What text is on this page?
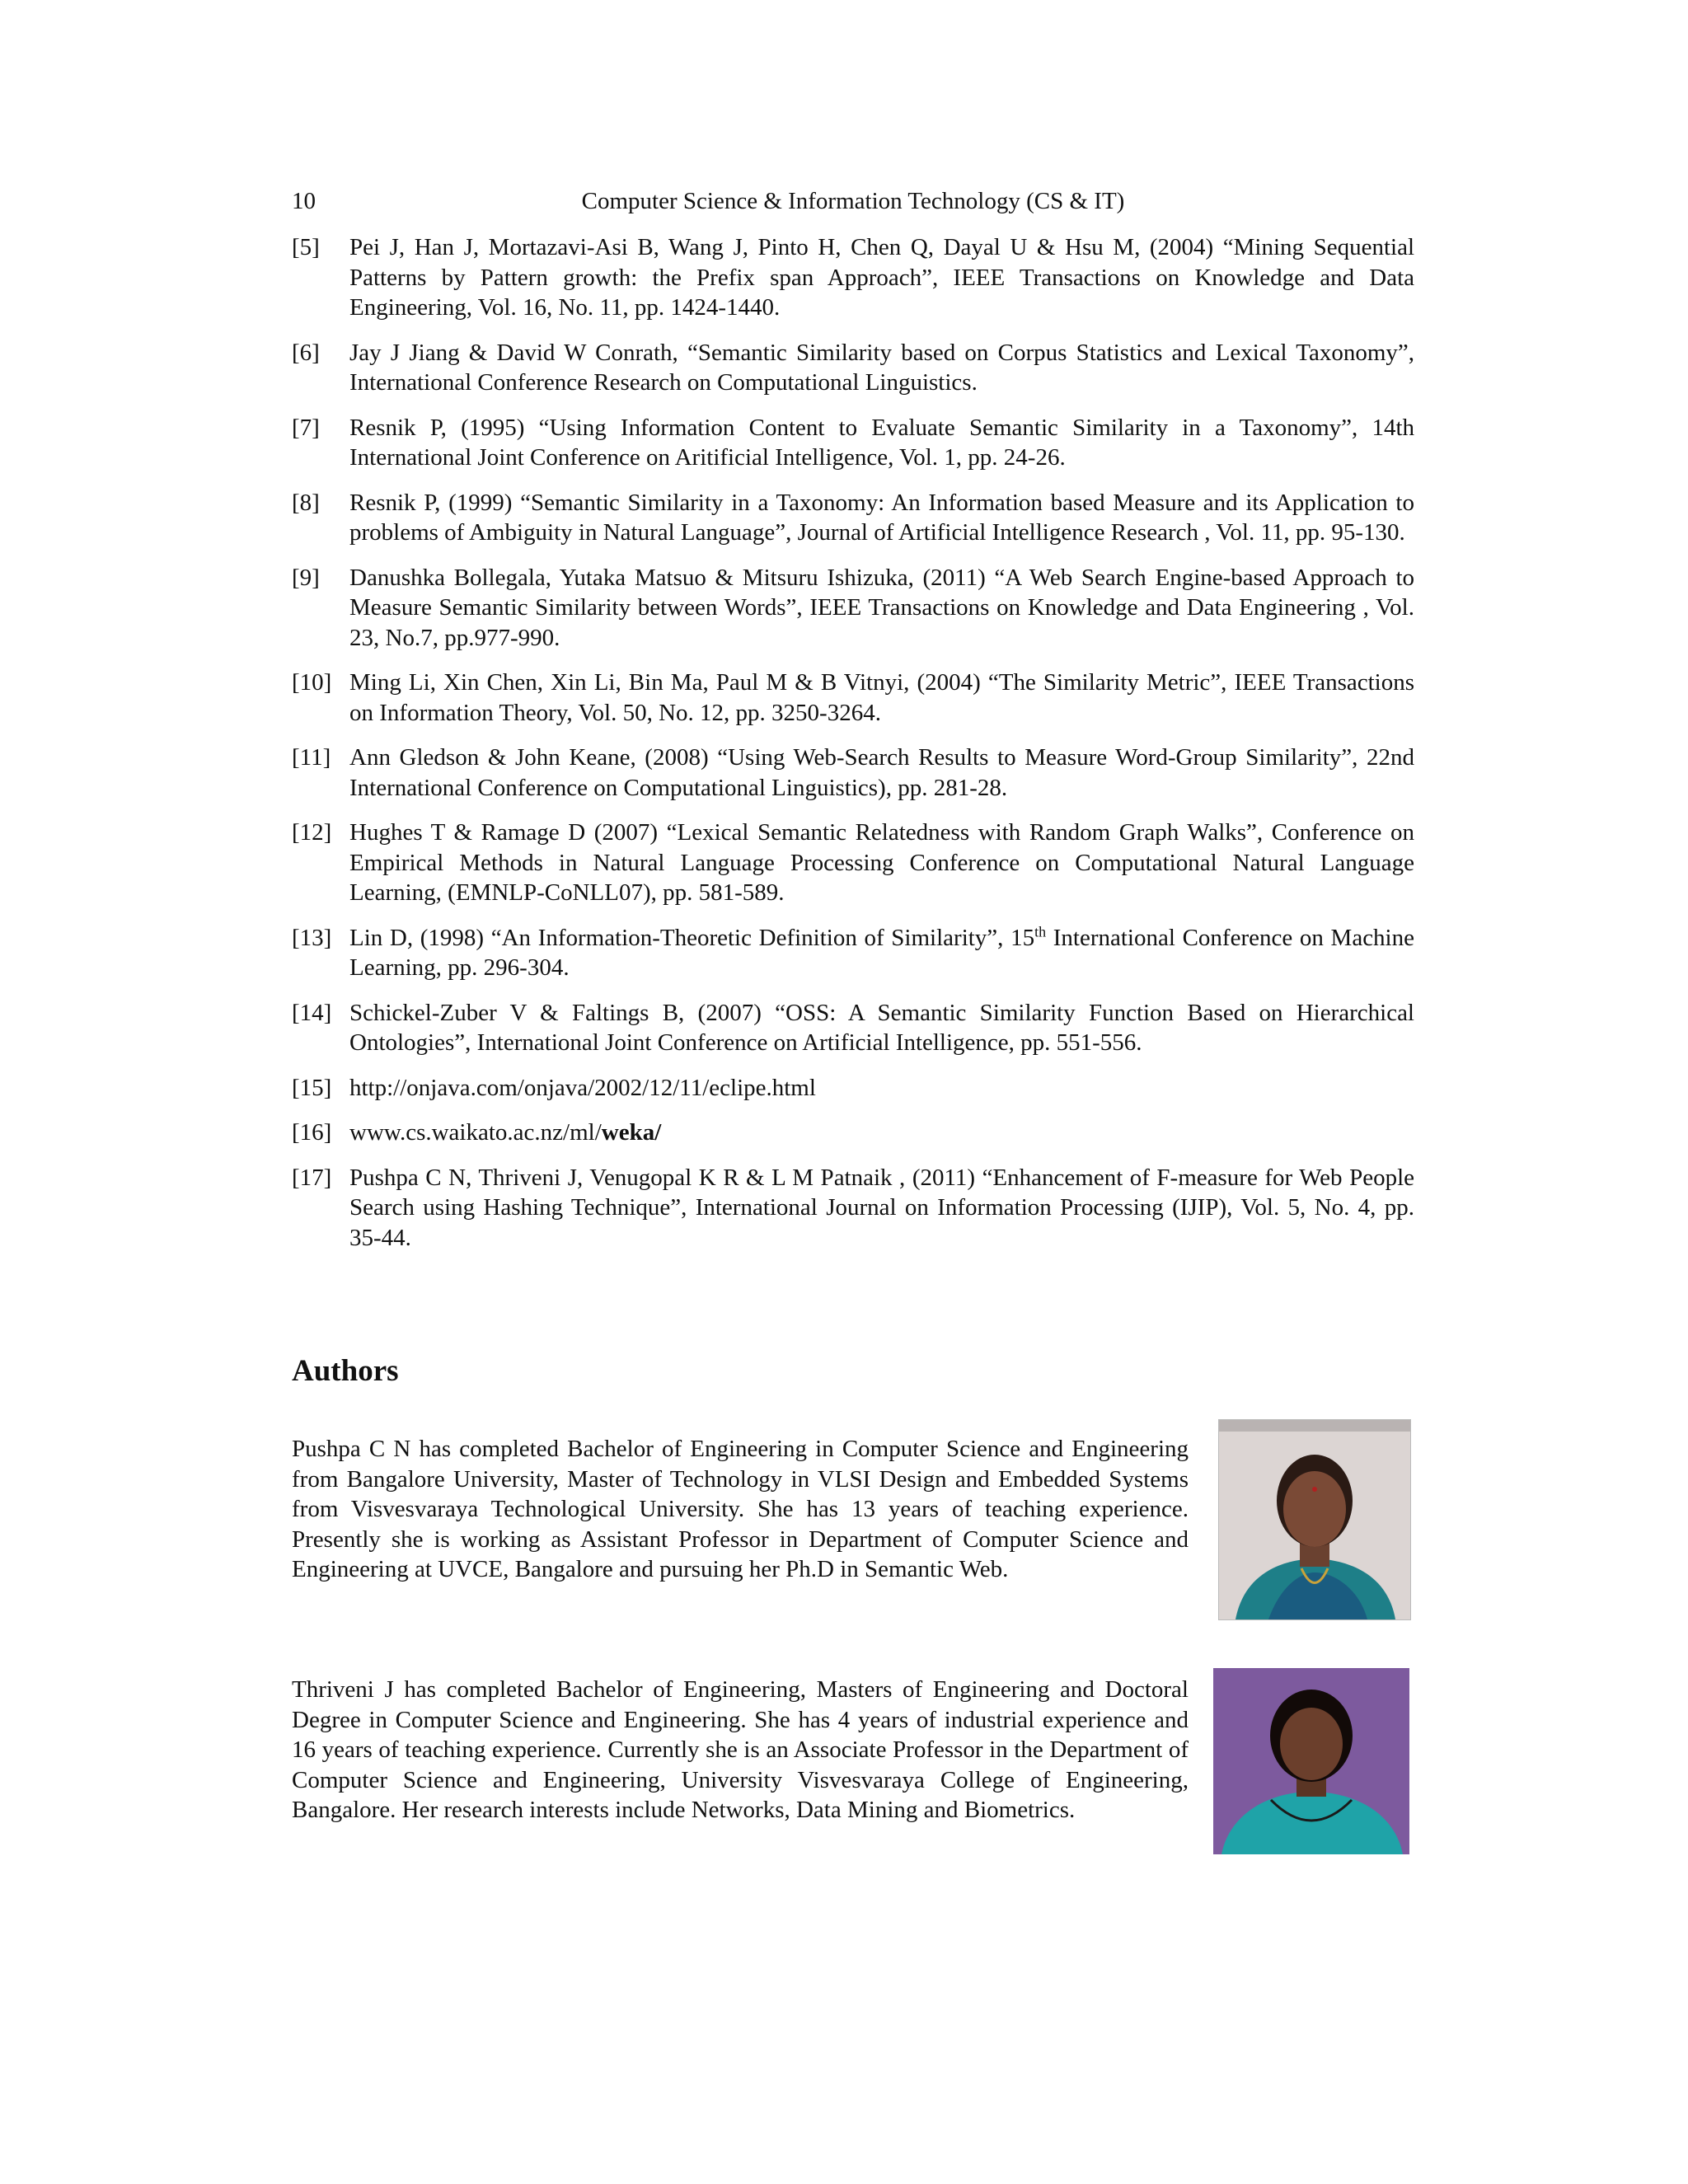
10	Computer Science & Information Technology (CS & IT)
[5] Pei J, Han J, Mortazavi-Asi B, Wang J, Pinto H, Chen Q, Dayal U & Hsu M, (2004) “Mining Sequential Patterns by Pattern growth: the Prefix span Approach”, IEEE Transactions on Knowledge and Data Engineering, Vol. 16, No. 11, pp. 1424-1440.
[6] Jay J Jiang & David W Conrath, “Semantic Similarity based on Corpus Statistics and Lexical Taxonomy”, International Conference Research on Computational Linguistics.
[7] Resnik P, (1995) “Using Information Content to Evaluate Semantic Similarity in a Taxonomy”, 14th International Joint Conference on Aritificial Intelligence, Vol. 1, pp. 24-26.
[8] Resnik P, (1999) “Semantic Similarity in a Taxonomy: An Information based Measure and its Application to problems of Ambiguity in Natural Language”, Journal of Artificial Intelligence Research , Vol. 11, pp. 95-130.
[9] Danushka Bollegala, Yutaka Matsuo & Mitsuru Ishizuka, (2011) “A Web Search Engine-based Approach to Measure Semantic Similarity between Words”, IEEE Transactions on Knowledge and Data Engineering , Vol. 23, No.7, pp.977-990.
[10] Ming Li, Xin Chen, Xin Li, Bin Ma, Paul M & B Vitnyi, (2004) “The Similarity Metric”, IEEE Transactions on Information Theory, Vol. 50, No. 12, pp. 3250-3264.
[11] Ann Gledson & John Keane, (2008) “Using Web-Search Results to Measure Word-Group Similarity”, 22nd International Conference on Computational Linguistics), pp. 281-28.
[12] Hughes T & Ramage D (2007) “Lexical Semantic Relatedness with Random Graph Walks”, Conference on Empirical Methods in Natural Language Processing Conference on Computational Natural Language Learning, (EMNLP-CoNLL07), pp. 581-589.
[13] Lin D, (1998) “An Information-Theoretic Definition of Similarity”, 15th International Conference on Machine Learning, pp. 296-304.
[14] Schickel-Zuber V & Faltings B, (2007) “OSS: A Semantic Similarity Function Based on Hierarchical Ontologies”, International Joint Conference on Artificial Intelligence, pp. 551-556.
[15] http://onjava.com/onjava/2002/12/11/eclipe.html
[16] www.cs.waikato.ac.nz/ml/weka/
[17] Pushpa C N, Thriveni J, Venugopal K R & L M Patnaik , (2011) “Enhancement of F-measure for Web People Search using Hashing Technique”, International Journal on Information Processing (IJIP), Vol. 5, No. 4, pp. 35-44.
Authors
Pushpa C N has completed Bachelor of Engineering in Computer Science and Engineering from Bangalore University, Master of Technology in VLSI Design and Embedded Systems from Visvesvaraya Technological University. She has 13 years of teaching experience. Presently she is working as Assistant Professor in Department of Computer Science and Engineering at UVCE, Bangalore and pursuing her Ph.D in Semantic Web.
Thriveni J has completed Bachelor of Engineering, Masters of Engineering and Doctoral Degree in Computer Science and Engineering. She has 4 years of industrial experience and 16 years of teaching experience. Currently she is an Associate Professor in the Department of Computer Science and Engineering, University Visvesvaraya College of Engineering, Bangalore. Her research interests include Networks, Data Mining and Biometrics.
